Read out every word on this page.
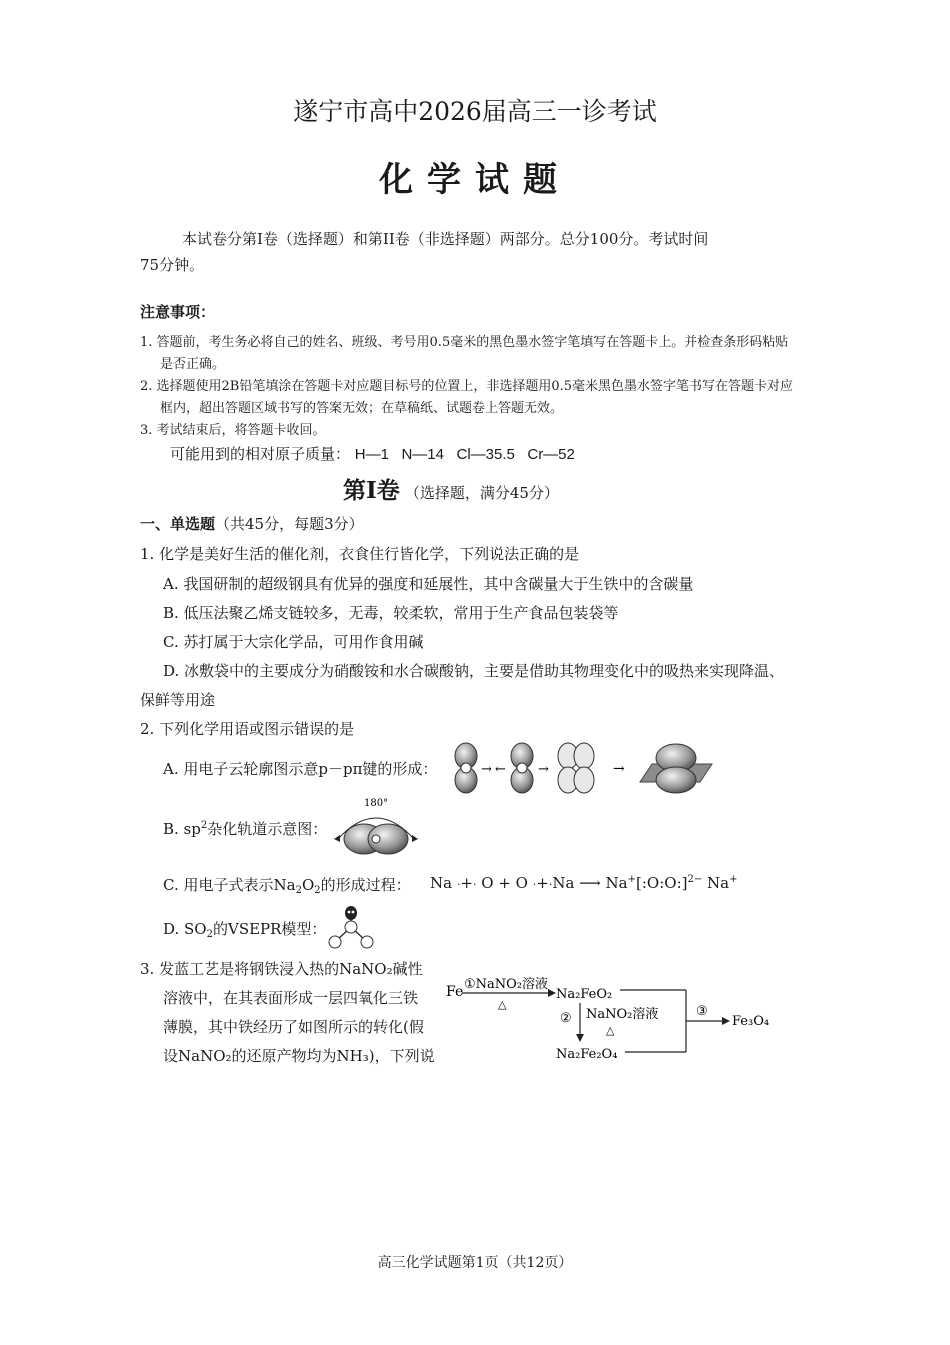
遂宁市高中2026届高三一诊考试
化学试题
本试卷分第Ⅰ卷（选择题）和第II卷（非选择题）两部分。总分100分。考试时间
75分钟。
注意事项：
1. 答题前，考生务必将自己的姓名、班级、考号用0.5毫米的黑色墨水签字笔填写在答题卡上。并检查条形码粘贴
是否正确。
2. 选择题使用2B铅笔填涂在答题卡对应题目标号的位置上，非选择题用0.5毫米黑色墨水签字笔书写在答题卡对应
框内，超出答题区域书写的答案无效；在草稿纸、试题卷上答题无效。
3. 考试结束后，将答题卡收回。
可能用到的相对原子质量： H—1   N—14   Cl—35.5   Cr—52
第Ⅰ卷 （选择题，满分45分）
一、单选题（共45分，每题3分）
1. 化学是美好生活的催化剂，衣食住行皆化学，下列说法正确的是
A. 我国研制的超级钢具有优异的强度和延展性，其中含碳量大于生铁中的含碳量
B. 低压法聚乙烯支链较多，无毒，较柔软，常用于生产食品包装袋等
C. 苏打属于大宗化学品，可用作食用碱
D. 冰敷袋中的主要成分为硝酸铵和水合碳酸钠，主要是借助其物理变化中的吸热来实现降温、
保鲜等用途
2. 下列化学用语或图示错误的是
A. 用电子云轮廓图示意p－pπ键的形成：	→ ← →	→
B. $sp^2$杂化轨道示意图：
180°
C. 用电子式表示$Na_2O_2$的形成过程： Na ·+· O + O ·+·Na ⟶ Na+[:O:O:]$^{2-}$ Na+
D. $SO_2$的VSEPR模型：
3. 发蓝工艺是将钢铁浸入热的NaNO₂碱性
溶液中，在其表面形成一层四氧化三铁
薄膜，其中铁经历了如图所示的转化(假
设NaNO₂的还原产物均为NH₃)，下列说
Fe ①NaNO₂溶液
△
Na₂FeO₂
③
Fe₃O₄
② NaNO₂溶液
△
Na₂Fe₂O₄
高三化学试题第1页（共12页）
